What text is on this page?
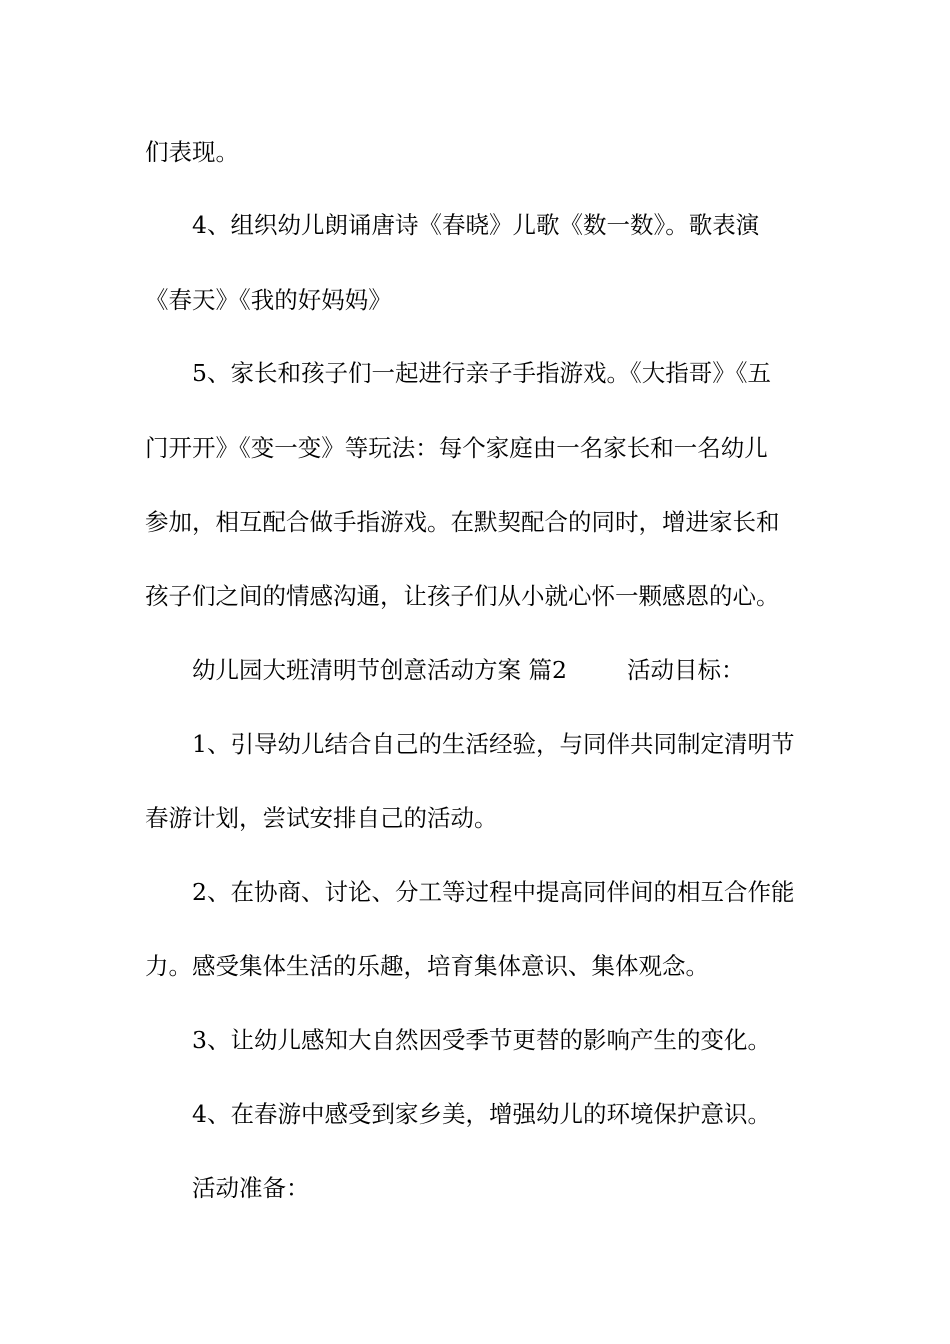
们表现。
4、组织幼儿朗诵唐诗《春晓》儿歌《数一数》。歌表演
《春天》《我的好妈妈》
5、家长和孩子们一起进行亲子手指游戏。《大指哥》《五
门开开》《变一变》等玩法：每个家庭由一名家长和一名幼儿
参加，相互配合做手指游戏。在默契配合的同时，增进家长和
孩子们之间的情感沟通，让孩子们从小就心怀一颗感恩的心。
幼儿园大班清明节创意活动方案 篇2	活动目标：
1、引导幼儿结合自己的生活经验，与同伴共同制定清明节
春游计划，尝试安排自己的活动。
2、在协商、讨论、分工等过程中提高同伴间的相互合作能
力。感受集体生活的乐趣，培育集体意识、集体观念。
3、让幼儿感知大自然因受季节更替的影响产生的变化。
4、在春游中感受到家乡美，增强幼儿的环境保护意识。
活动准备：
